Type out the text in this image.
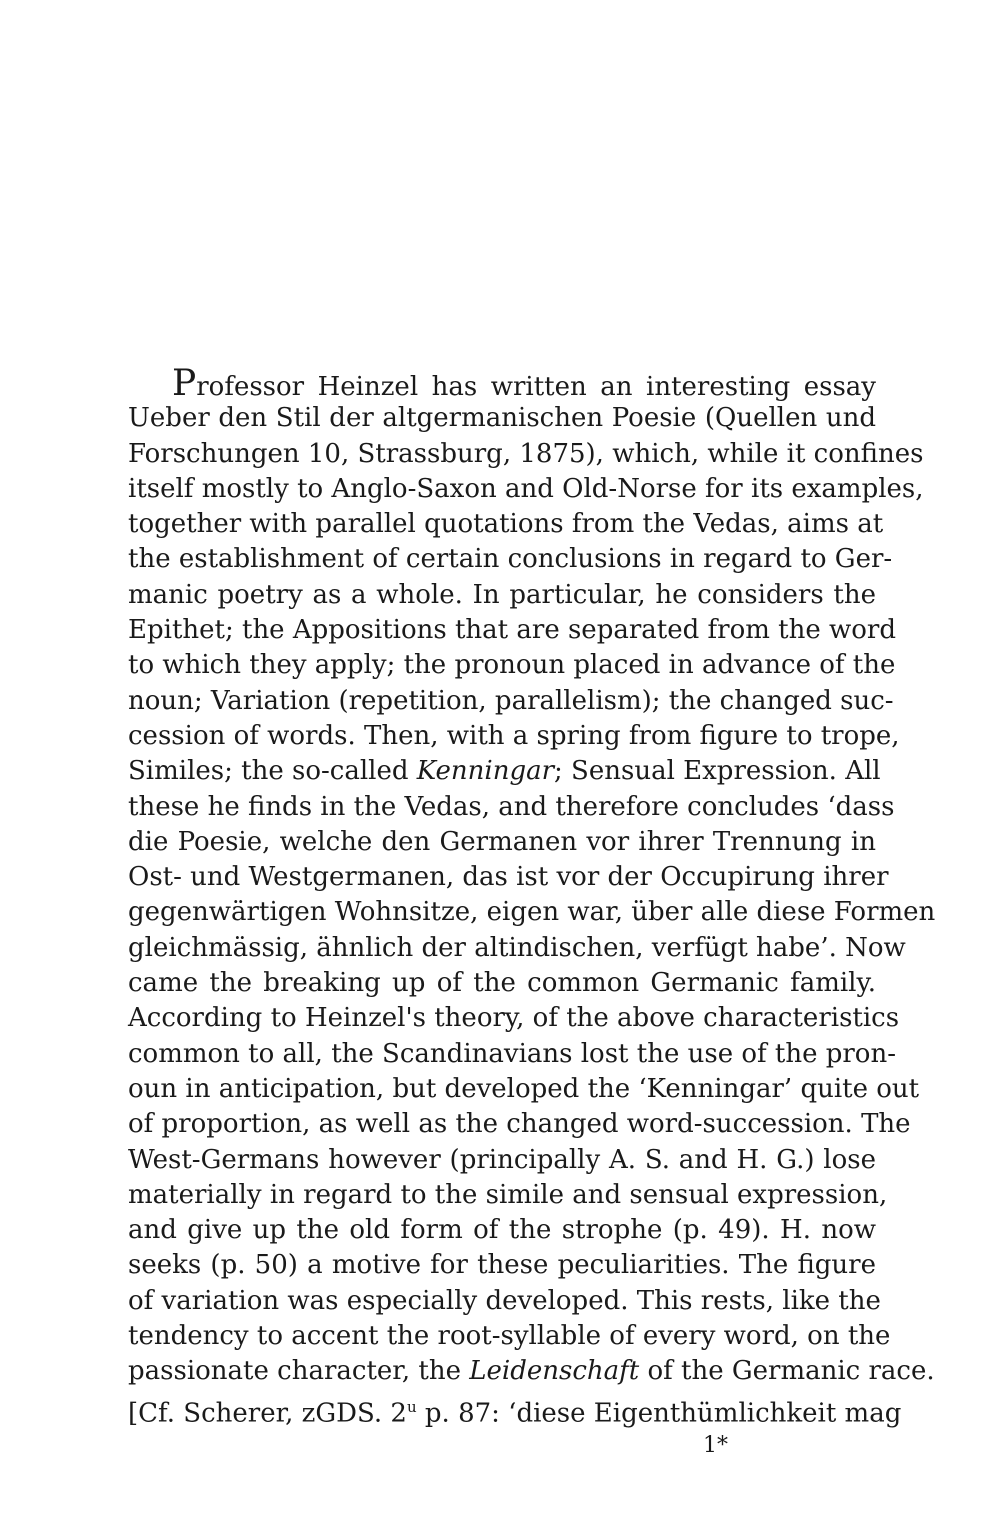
Professor Heinzel has written an interesting essay
Ueber den Stil der altgermanischen Poesie (Quellen und
Forschungen 10, Strassburg, 1875), which, while it confines
itself mostly to Anglo-Saxon and Old-Norse for its examples,
together with parallel quotations from the Vedas, aims at
the establishment of certain conclusions in regard to Ger-
manic poetry as a whole. In particular, he considers the
Epithet; the Appositions that are separated from the word
to which they apply; the pronoun placed in advance of the
noun; Variation (repetition, parallelism); the changed suc-
cession of words. Then, with a spring from figure to trope,
Similes; the so-called Kenningar; Sensual Expression. All
these he finds in the Vedas, and therefore concludes ‘dass
die Poesie, welche den Germanen vor ihrer Trennung in
Ost- und Westgermanen, das ist vor der Occupirung ihrer
gegenwärtigen Wohnsitze, eigen war, über alle diese Formen
gleichmässig, ähnlich der altindischen, verfügt habe’. Now
came the breaking up of the common Germanic family.
According to Heinzel's theory, of the above characteristics
common to all, the Scandinavians lost the use of the pron-
oun in anticipation, but developed the ‘Kenningar’ quite out
of proportion, as well as the changed word-succession. The
West-Germans however (principally A. S. and H. G.) lose
materially in regard to the simile and sensual expression,
and give up the old form of the strophe (p. 49). H. now
seeks (p. 50) a motive for these peculiarities. The figure
of variation was especially developed. This rests, like the
tendency to accent the root-syllable of every word, on the
passionate character, the Leidenschaft of the Germanic race.
[Cf. Scherer, zGDS. 2$^u$ p. 87: ‘diese Eigenthümlichkeit mag
1*
